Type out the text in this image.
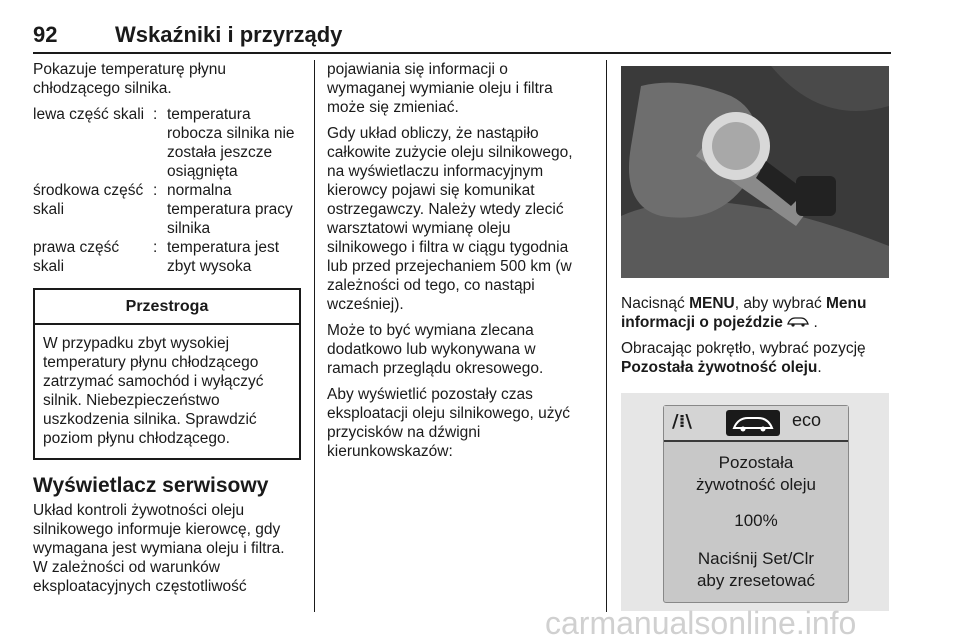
92	Wskaźniki i przyrządy

Pokazuje temperaturę płynu chłodzącego silnika.

lewa część skali : temperatura robocza silnika nie została jeszcze osiągnięta
środkowa część skali
: normalna temperatura pracy silnika
prawa część skali
: temperatura jest zbyt wysoka
Przestroga
W przypadku zbyt wysokiej temperatury płynu chłodzącego zatrzymać samochód i wyłączyć silnik. Niebezpieczeństwo uszkodzenia silnika. Sprawdzić poziom płynu chłodzącego.
Wyświetlacz serwisowy

Układ kontroli żywotności oleju silnikowego informuje kierowcę, gdy wymagana jest wymiana oleju i filtra. W zależności od warunków eksploatacyjnych częstotliwość

pojawiania się informacji o wymaganej wymianie oleju i filtra może się zmieniać.

Gdy układ obliczy, że nastąpiło całkowite zużycie oleju silnikowego, na wyświetlaczu informacyjnym kierowcy pojawi się komunikat ostrzegawczy. Należy wtedy zlecić warsztatowi wymianę oleju silnikowego i filtra w ciągu tygodnia lub przed przejechaniem 500 km (w zależności od tego, co nastąpi wcześniej).

Może to być wymiana zlecana dodatkowo lub wykonywana w ramach przeglądu okresowego.

Aby wyświetlić pozostały czas eksploatacji oleju silnikowego, użyć przycisków na dźwigni kierunkowskazów:

Nacisnąć MENU, aby wybrać Menu informacji o pojeździe .

Obracając pokrętło, wybrać pozycję Pozostała żywotność oleju.

/⁞\	eco
Pozostała
żywotność oleju
100%
Naciśnij Set/Clr
aby zresetować
carmanualsonline.info
